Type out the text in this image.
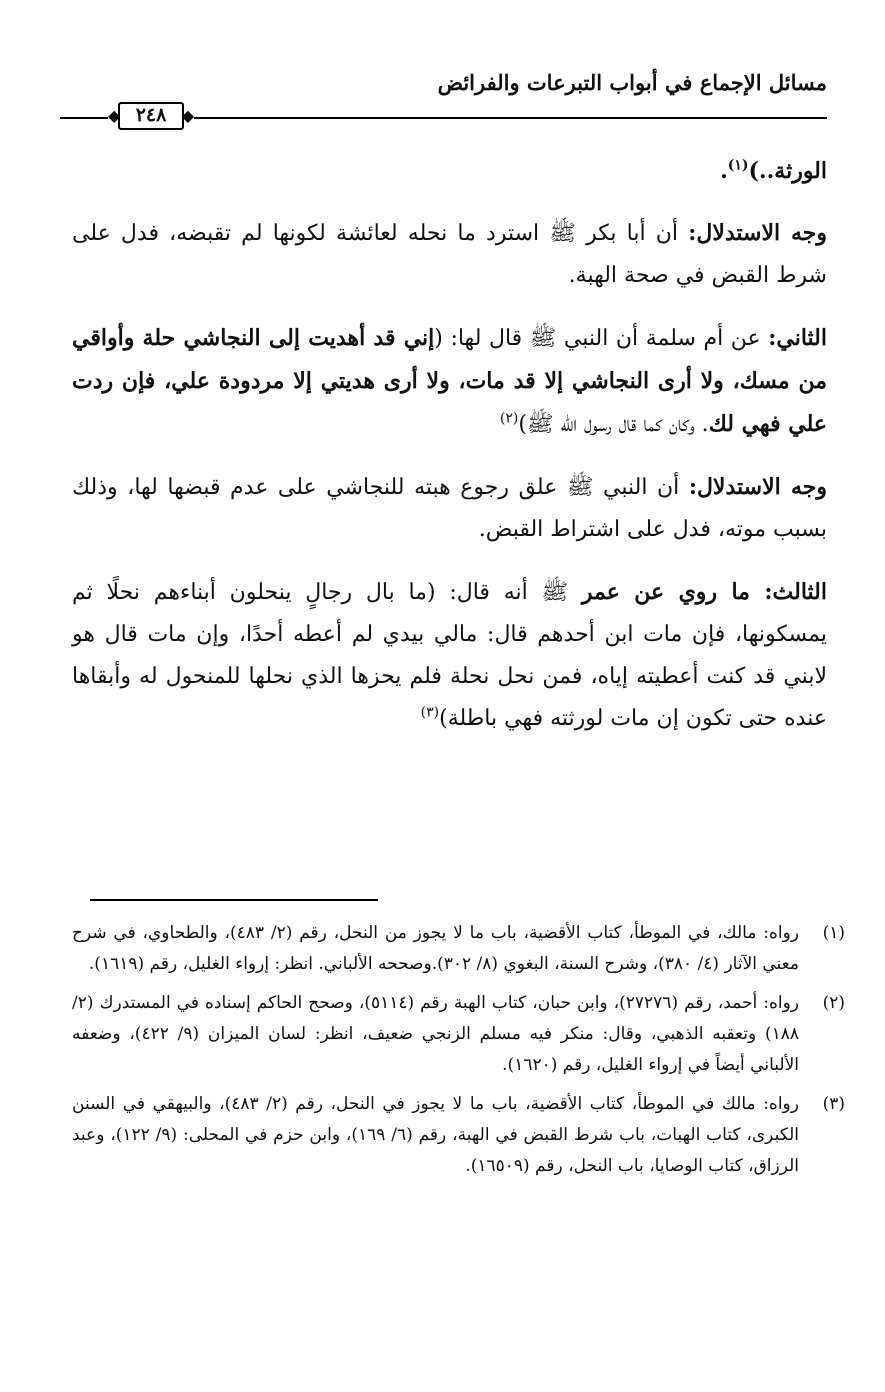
مسائل الإجماع في أبواب التبرعات والفرائض
◆ ٢٤٨ ◆

الورثة..)$^{(١)}$.

وجه الاستدلال: أن أبا بكر ﷺ استرد ما نحله لعائشة لكونها لم تقبضه، فدل على شرط القبض في صحة الهبة.

الثاني: عن أم سلمة أن النبي ﷺ قال لها: (إني قد أهديت إلى النجاشي حلة وأواقي من مسك، ولا أرى النجاشي إلا قد مات، ولا أرى هديتي إلا مردودة علي، فإن ردت علي فهي لك. وكان كما قال رسول الله ﷺ)$^{(٢)}$

وجه الاستدلال: أن النبي ﷺ علق رجوع هبته للنجاشي على عدم قبضها لها، وذلك بسبب موته، فدل على اشتراط القبض.

الثالث: ما روي عن عمر ﷺ أنه قال: (ما بال رجالٍ ينحلون أبناءهم نحلًا ثم يمسكونها، فإن مات ابن أحدهم قال: مالي بيدي لم أعطه أحدًا، وإن مات قال هو لابني قد كنت أعطيته إياه، فمن نحل نحلة فلم يحزها الذي نحلها للمنحول له وأبقاها عنده حتى تكون إن مات لورثته فهي باطلة)$^{(٣)}$

(١)
رواه: مالك، في الموطأ، كتاب الأقضية، باب ما لا يجوز من النحل، رقم (٢/ ٤٨٣)، والطحاوي، في شرح معني الآثار (٤/ ٣٨٠)، وشرح السنة، البغوي (٨/ ٣٠٢).وصححه الألباني. انظر: إرواء الغليل، رقم (١٦١٩).
(٢)
رواه: أحمد، رقم (٢٧٢٧٦)، وابن حبان، كتاب الهبة رقم (٥١١٤)، وصحح الحاكم إسناده في المستدرك (٢/ ١٨٨) وتعقبه الذهبي، وقال: منكر فيه مسلم الزنجي ضعيف، انظر: لسان الميزان (٩/ ٤٢٢)، وضعفه الألباني أيضاً في إرواء الغليل، رقم (١٦٢٠).
(٣)
رواه: مالك في الموطأ، كتاب الأقضية، باب ما لا يجوز في النحل، رقم (٢/ ٤٨٣)، والبيهقي في السنن الكبرى، كتاب الهبات، باب شرط القبض في الهبة، رقم (٦/ ١٦٩)، وابن حزم في المحلى: (٩/ ١٢٢)، وعبد الرزاق، كتاب الوصايا، باب النحل، رقم (١٦٥٠٩).
